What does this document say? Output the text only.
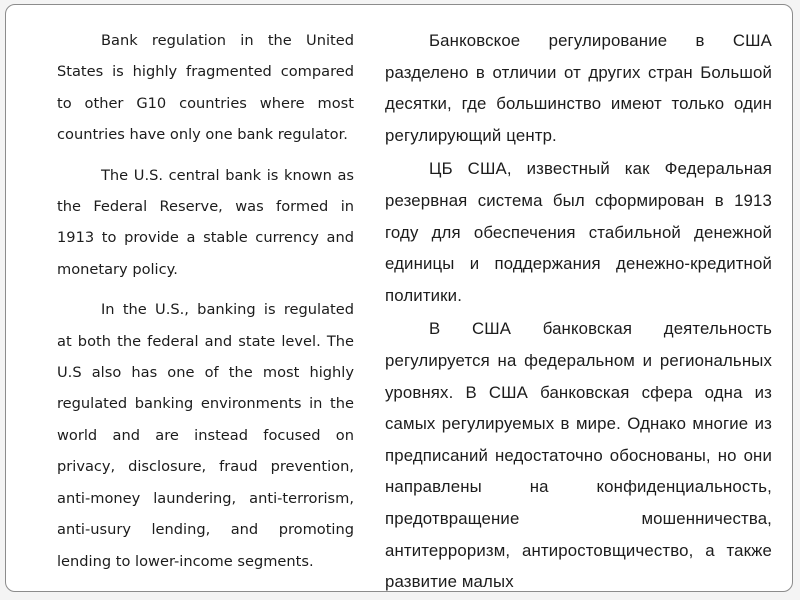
Bank regulation in the United States is highly fragmented compared to other G10 countries where most countries have only one bank regulator.

The U.S. central bank is known as the Federal Reserve, was formed in 1913 to provide a stable currency and monetary policy.

In the U.S., banking is regulated at both the federal and state level. The U.S also has one of the most highly regulated banking environments in the world and are instead focused on privacy, disclosure, fraud prevention, anti-money laundering, anti-terrorism, anti-usury lending, and promoting lending to lower-income segments.

Банковское регулирование в США разделено в отличии от других стран Большой десятки, где большинство имеют только один регулирующий центр.

ЦБ США, известный как Федеральная резервная система был сформирован в 1913 году для обеспечения стабильной денежной единицы и поддержания денежно-кредитной политики.

В США банковская деятельность регулируется на федеральном и региональных уровнях. В США банковская сфера одна из самых регулируемых в мире. Однако многие из предписаний недостаточно обоснованы, но они направлены на конфиденциальность, предотвращение мошенничества, антитерроризм, антиростовщичество, а также развитие малых
